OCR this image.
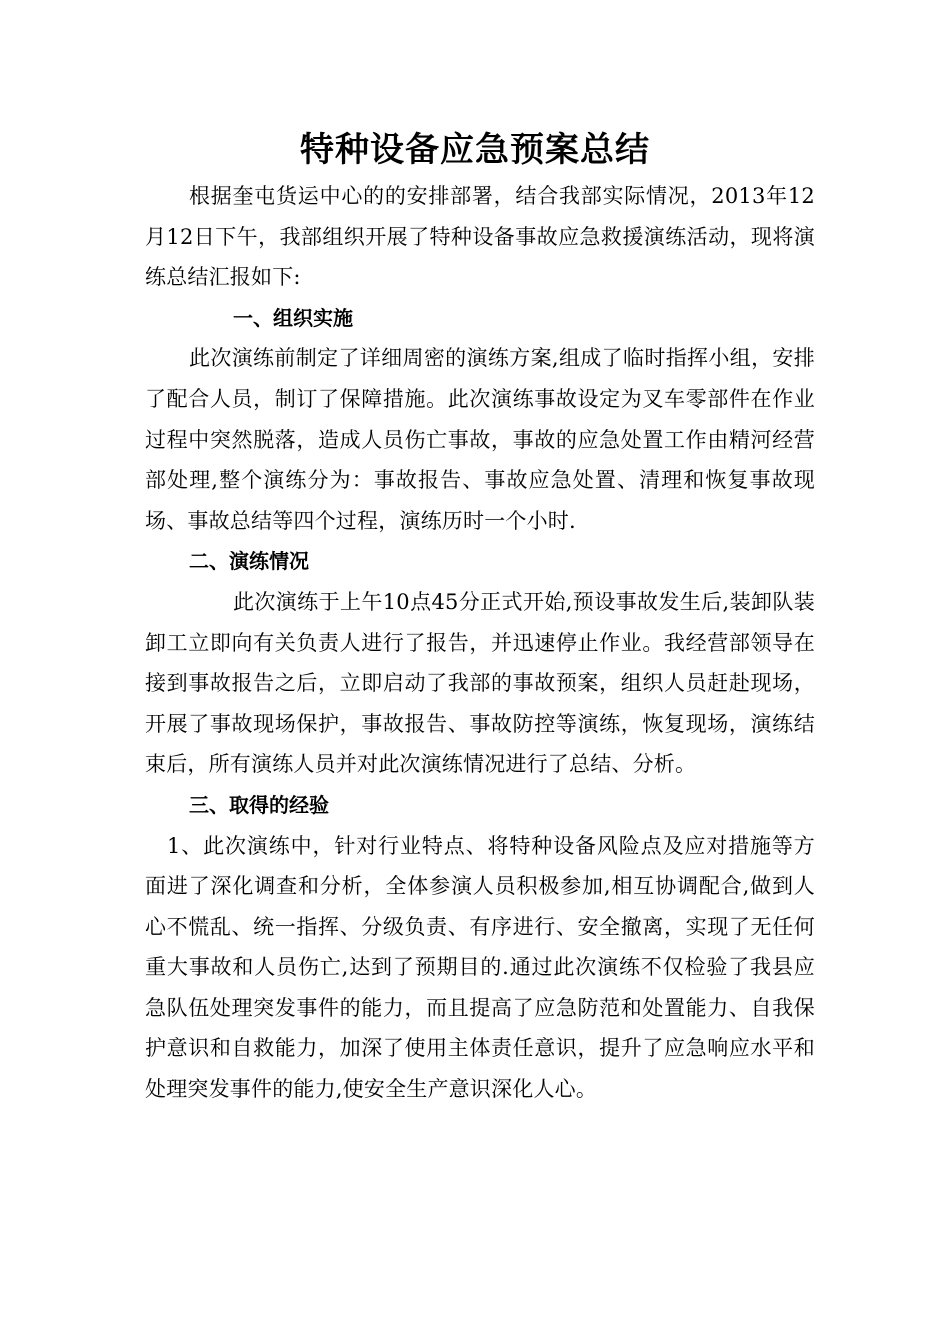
特种设备应急预案总结

根据奎屯货运中心的的安排部署，结合我部实际情况，2013年12月12日下午，我部组织开展了特种设备事故应急救援演练活动，现将演练总结汇报如下:

一、组织实施

此次演练前制定了详细周密的演练方案,组成了临时指挥小组，安排了配合人员，制订了保障措施。此次演练事故设定为叉车零部件在作业过程中突然脱落，造成人员伤亡事故，事故的应急处置工作由精河经营部处理,整个演练分为：事故报告、事故应急处置、清理和恢复事故现场、事故总结等四个过程，演练历时一个小时.

二、演练情况

此次演练于上午10点45分正式开始,预设事故发生后,装卸队装卸工立即向有关负责人进行了报告，并迅速停止作业。我经营部领导在接到事故报告之后，立即启动了我部的事故预案，组织人员赶赴现场，开展了事故现场保护，事故报告、事故防控等演练，恢复现场，演练结束后，所有演练人员并对此次演练情况进行了总结、分析。

三、取得的经验

1、此次演练中，针对行业特点、将特种设备风险点及应对措施等方面进了深化调查和分析，全体参演人员积极参加,相互协调配合,做到人心不慌乱、统一指挥、分级负责、有序进行、安全撤离，实现了无任何重大事故和人员伤亡,达到了预期目的.通过此次演练不仅检验了我县应急队伍处理突发事件的能力，而且提高了应急防范和处置能力、自我保护意识和自救能力，加深了使用主体责任意识，提升了应急响应水平和处理突发事件的能力,使安全生产意识深化人心。
